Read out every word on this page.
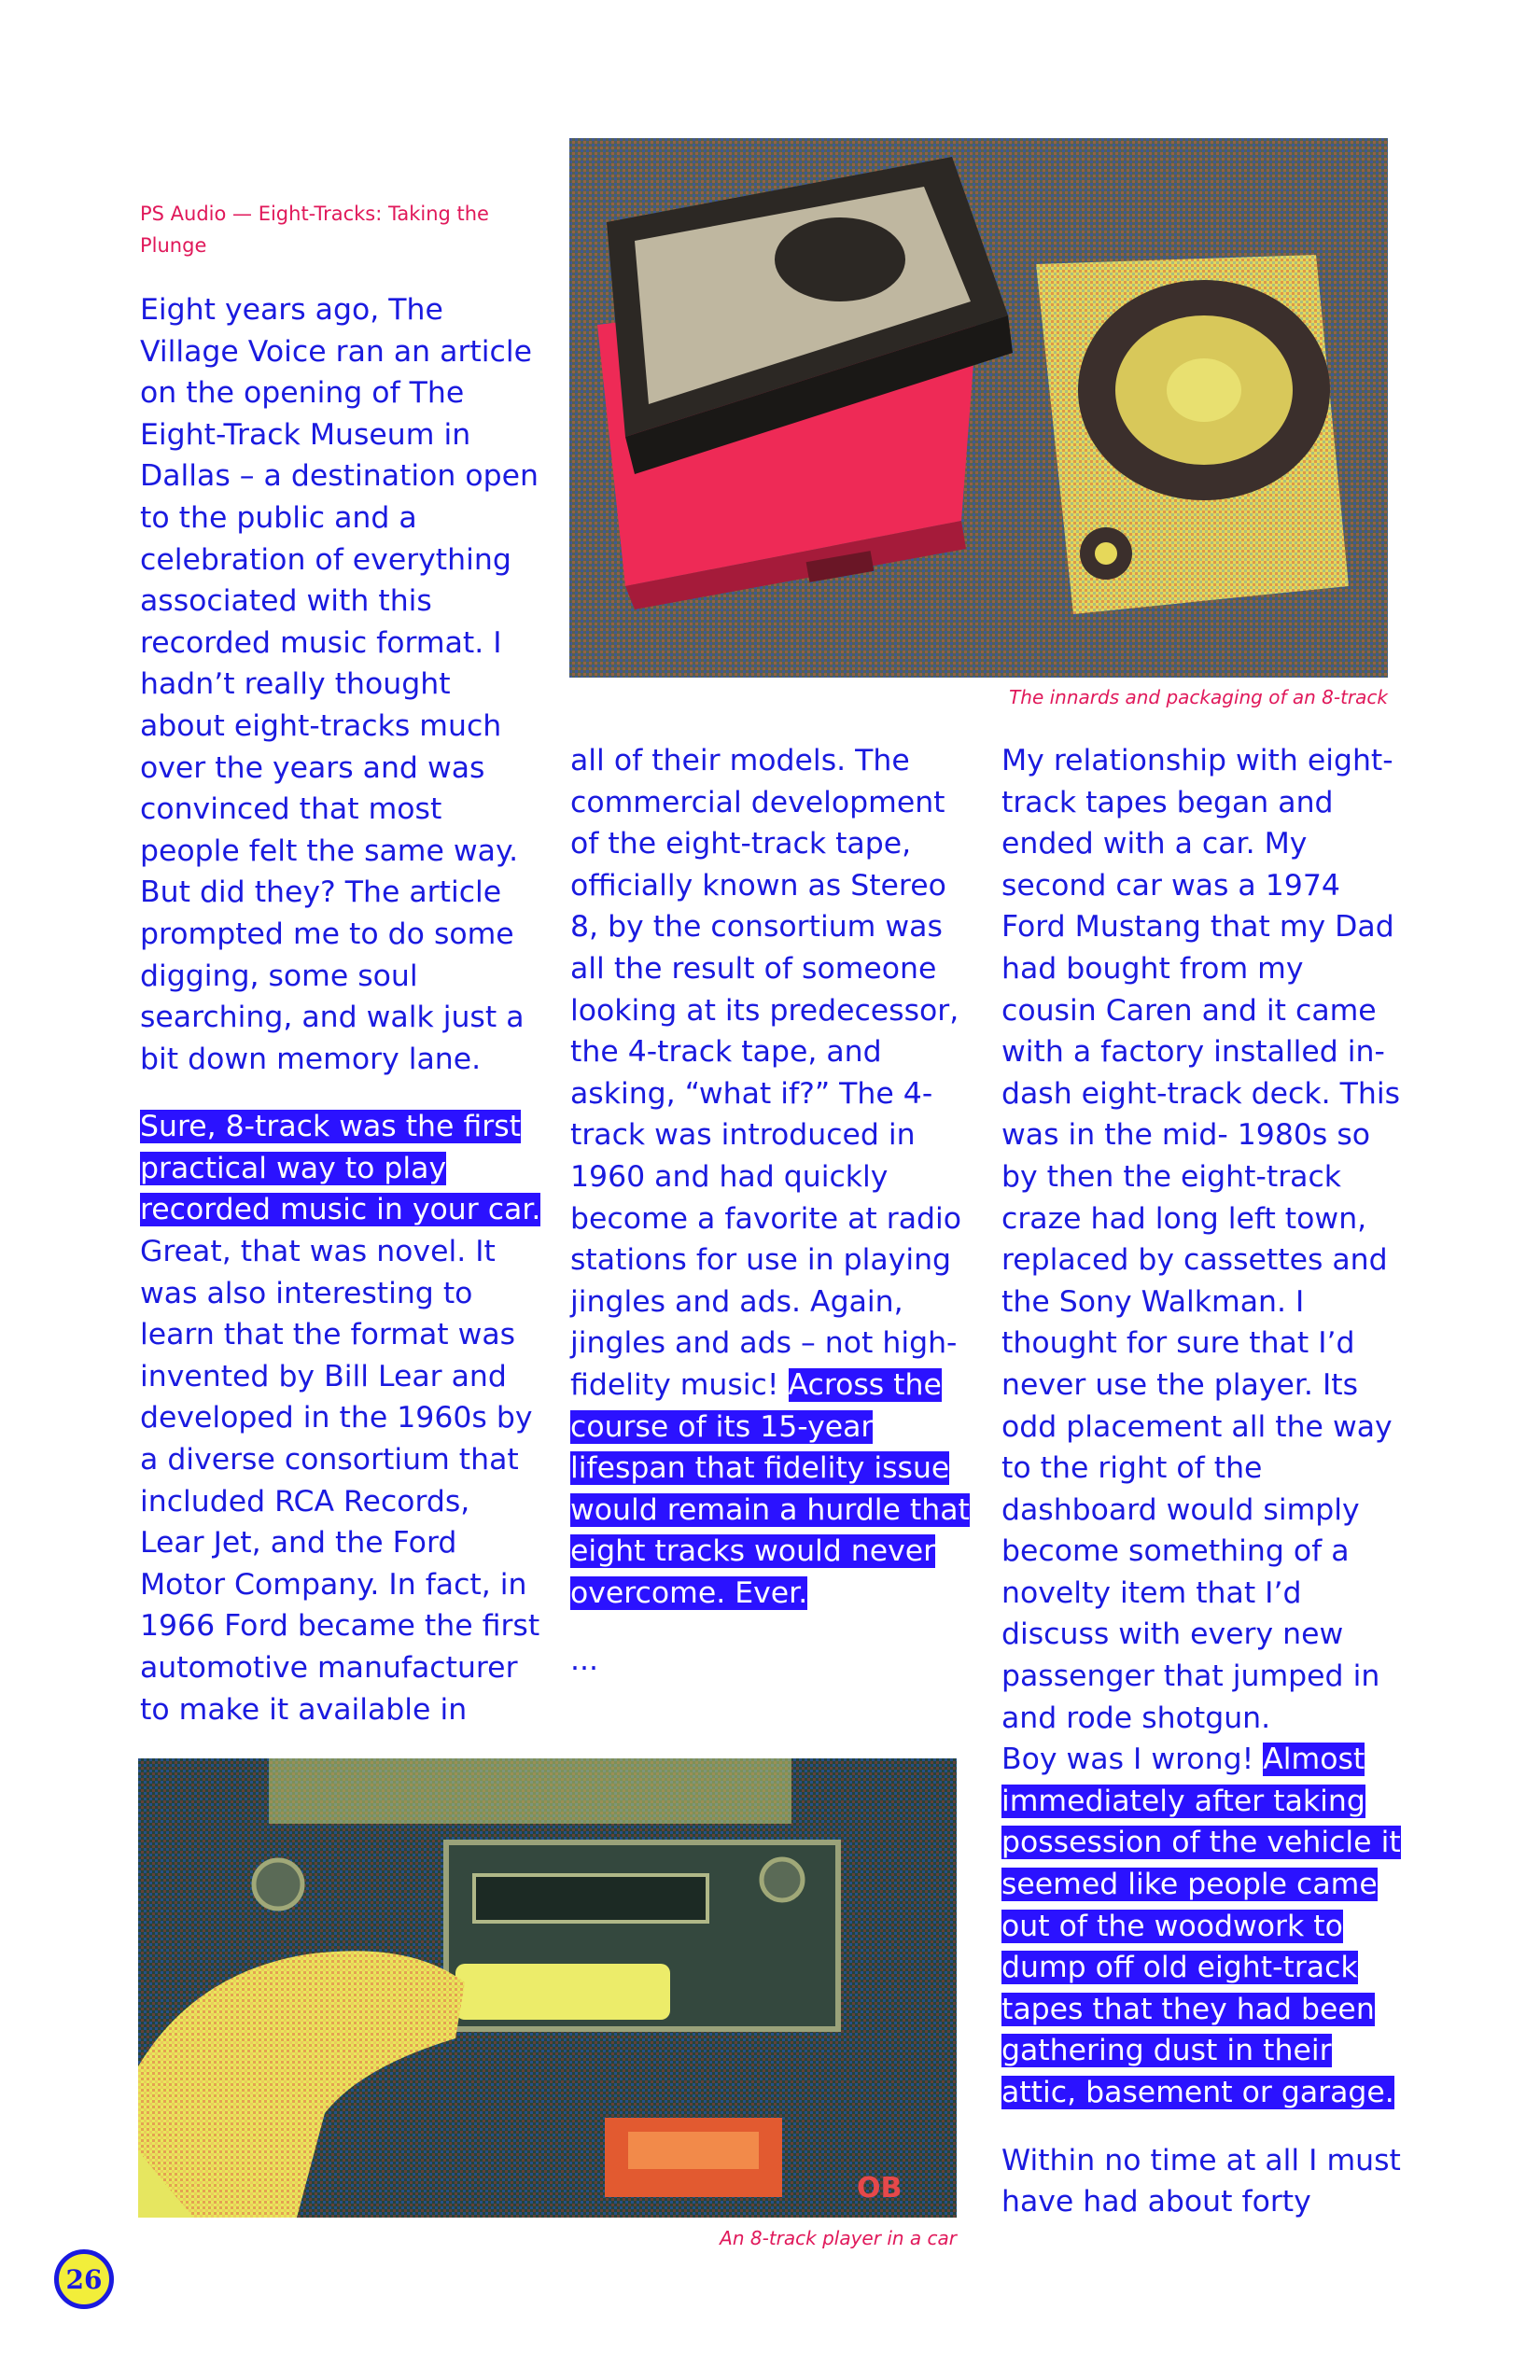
PS Audio — Eight-Tracks: Taking the
Plunge
The innards and packaging of an 8-track

Eight years ago, The Village Voice ran an article on the opening of The Eight-Track Museum in Dallas – a destination open to the public and a celebration of everything associated with this recorded music format. I hadn’t really thought about eight-tracks much over the years and was convinced that most people felt the same way. But did they? The article prompted me to do some digging, some soul searching, and walk just a bit down memory lane.

Sure, 8-track was the first practical way to play recorded music in your car. Great, that was novel. It was also interesting to learn that the format was invented by Bill Lear and developed in the 1960s by a diverse consortium that included RCA Records, Lear Jet, and the Ford Motor Company. In fact, in 1966 Ford became the first automotive manufacturer to make it available in

all of their models. The commercial development of the eight-track tape, officially known as Stereo 8, by the consortium was all the result of someone looking at its predecessor, the 4-track tape, and asking, “what if?” The 4-track was introduced in 1960 and had quickly become a favorite at radio stations for use in playing jingles and ads. Again, jingles and ads – not high-fidelity music! Across the course of its 15-year lifespan that fidelity issue would remain a hurdle that eight tracks would never overcome. Ever.

...

My relationship with eight-track tapes began and ended with a car. My second car was a 1974 Ford Mustang that my Dad had bought from my cousin Caren and it came with a factory installed in-dash eight-track deck. This was in the mid- 1980s so by then the eight-track craze had long left town, replaced by cassettes and the Sony Walkman. I thought for sure that I’d never use the player. Its odd placement all the way to the right of the dashboard would simply become something of a novelty item that I’d discuss with every new passenger that jumped in and rode shotgun.

Boy was I wrong! Almost immediately after taking possession of the vehicle it seemed like people came out of the woodwork to dump off old eight-track tapes that they had been gathering dust in their attic, basement or garage.

Within no time at all I must have had about forty

OB
An 8-track player in a car
26
